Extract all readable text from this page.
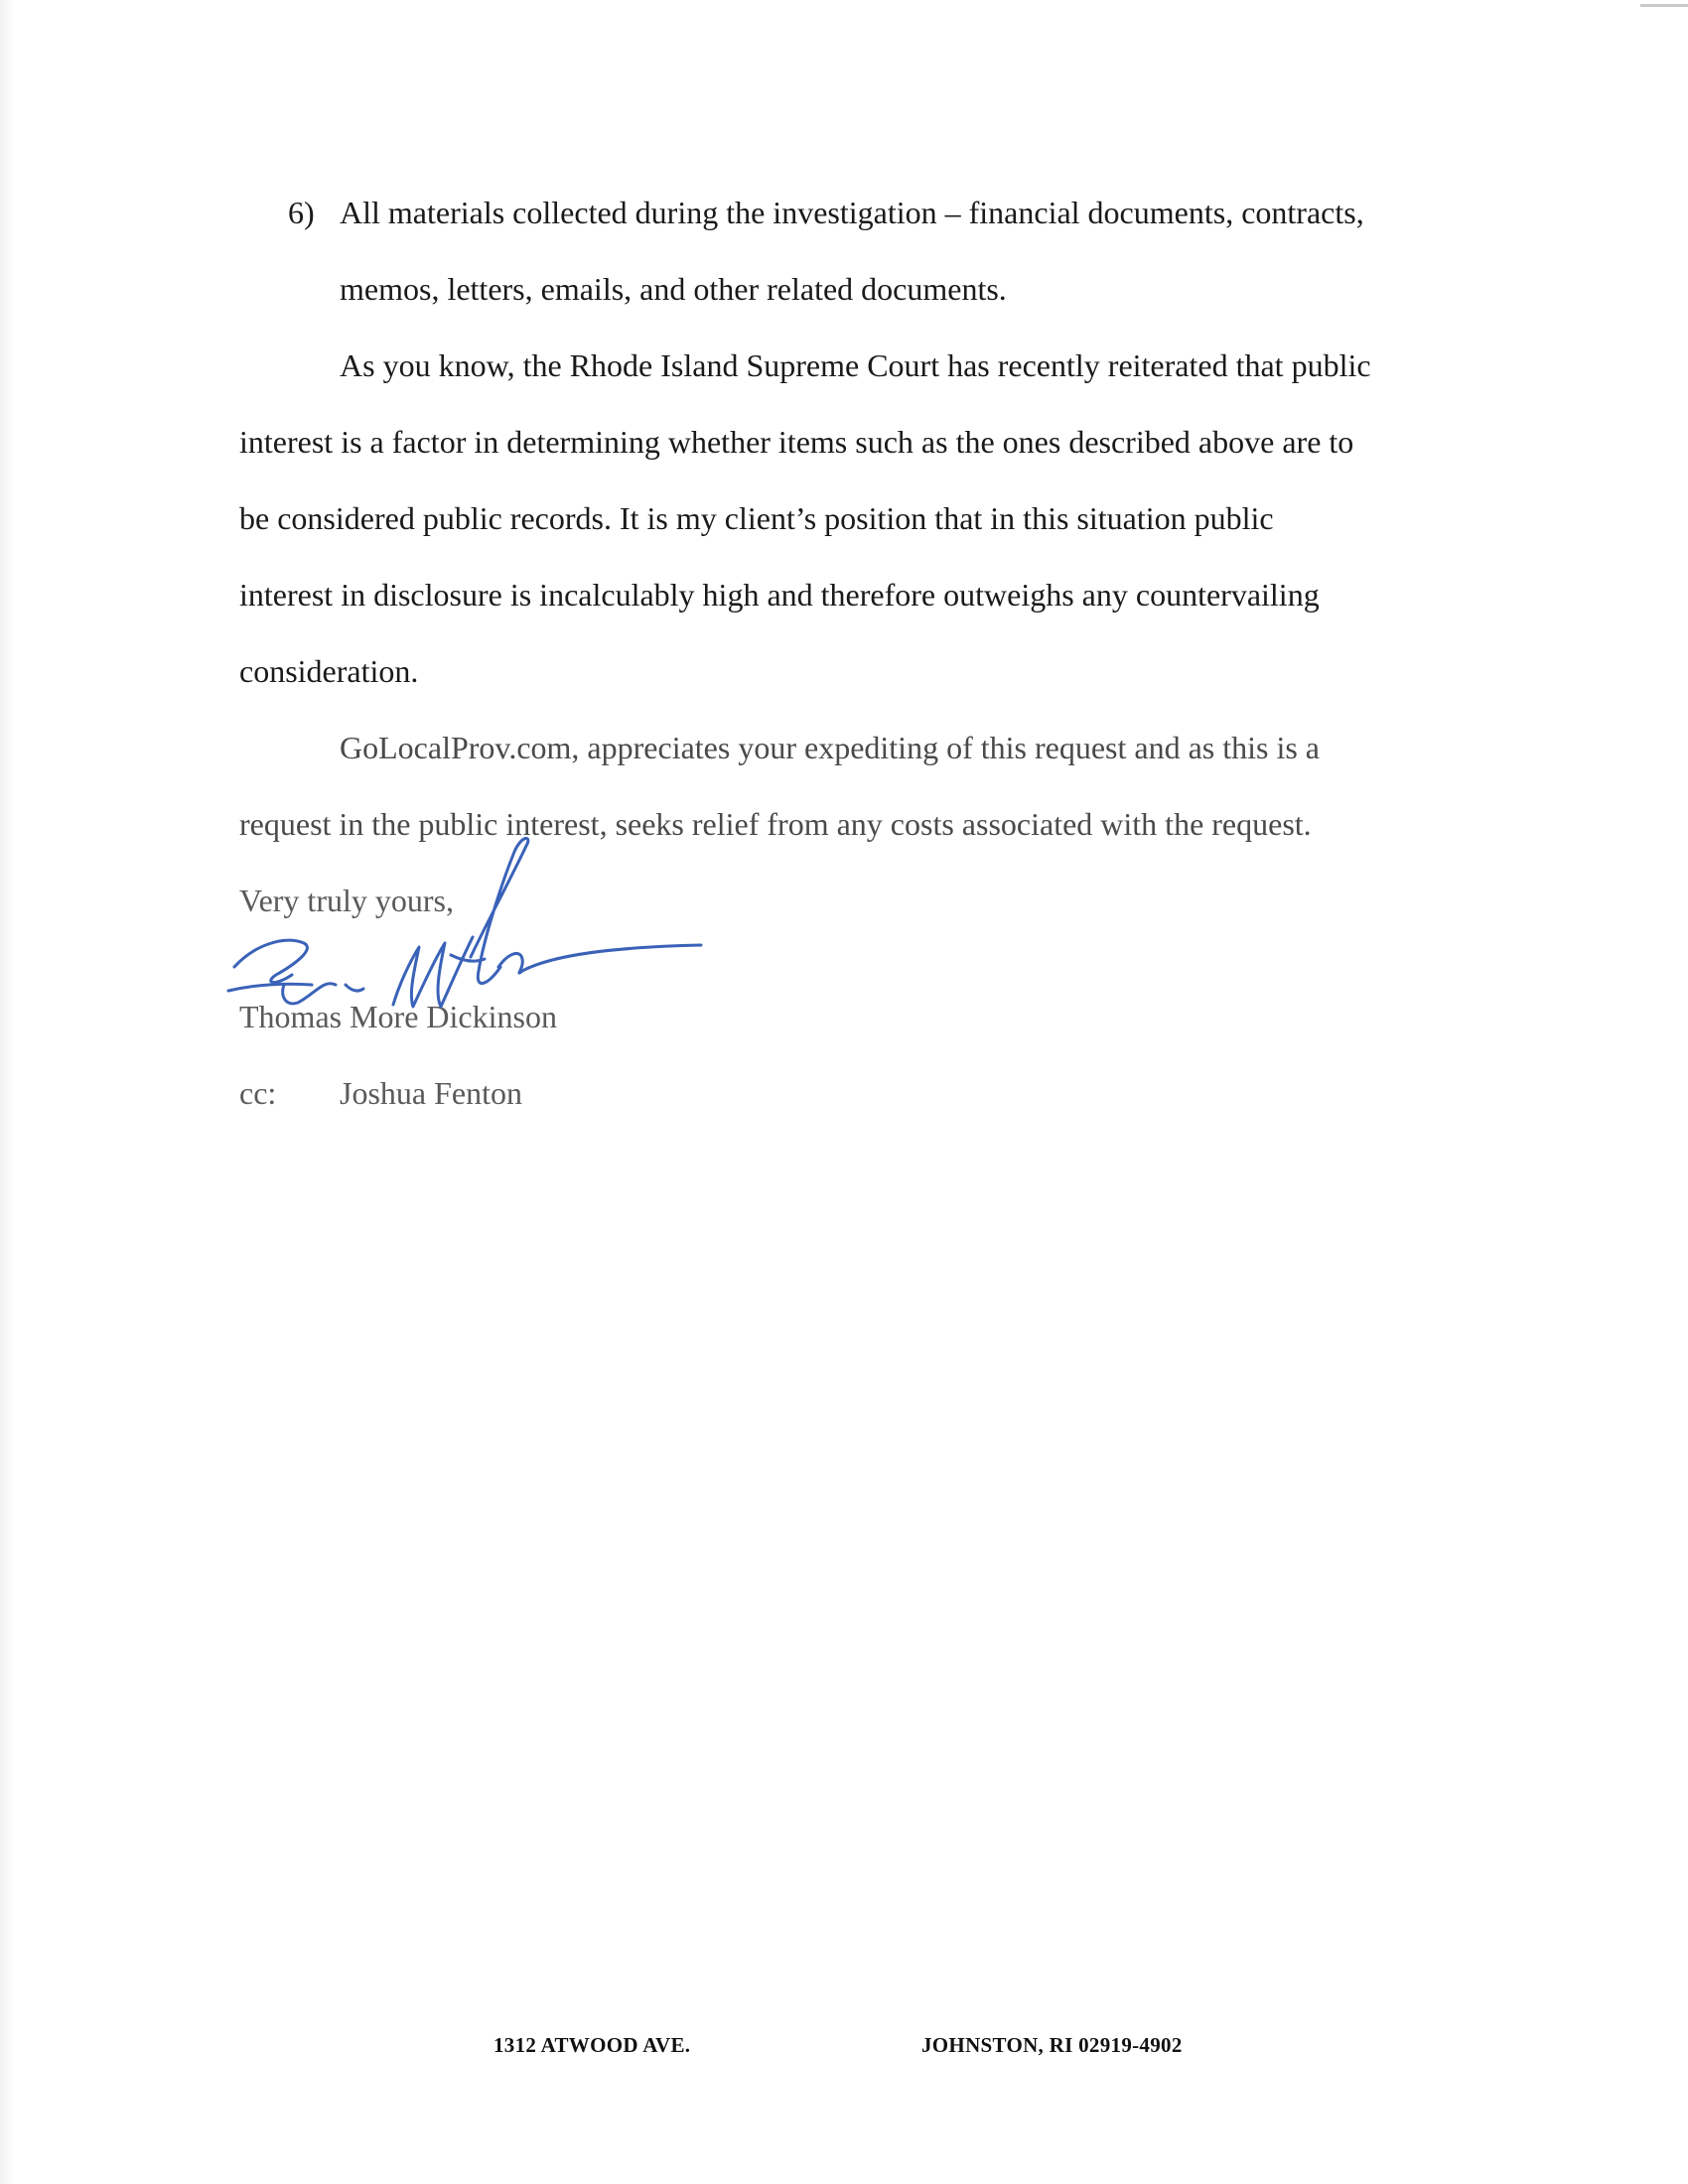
6) All materials collected during the investigation – financial documents, contracts,
memos, letters, emails, and other related documents.
As you know, the Rhode Island Supreme Court has recently reiterated that public
interest is a factor in determining whether items such as the ones described above are to
be considered public records. It is my client’s position that in this situation public
interest in disclosure is incalculably high and therefore outweighs any countervailing
consideration.
GoLocalProv.com, appreciates your expediting of this request and as this is a
request in the public interest, seeks relief from any costs associated with the request.
Very truly yours,
Thomas More Dickinson
cc: Joshua Fenton
1312 ATWOOD AVE.	JOHNSTON, RI 02919-4902
